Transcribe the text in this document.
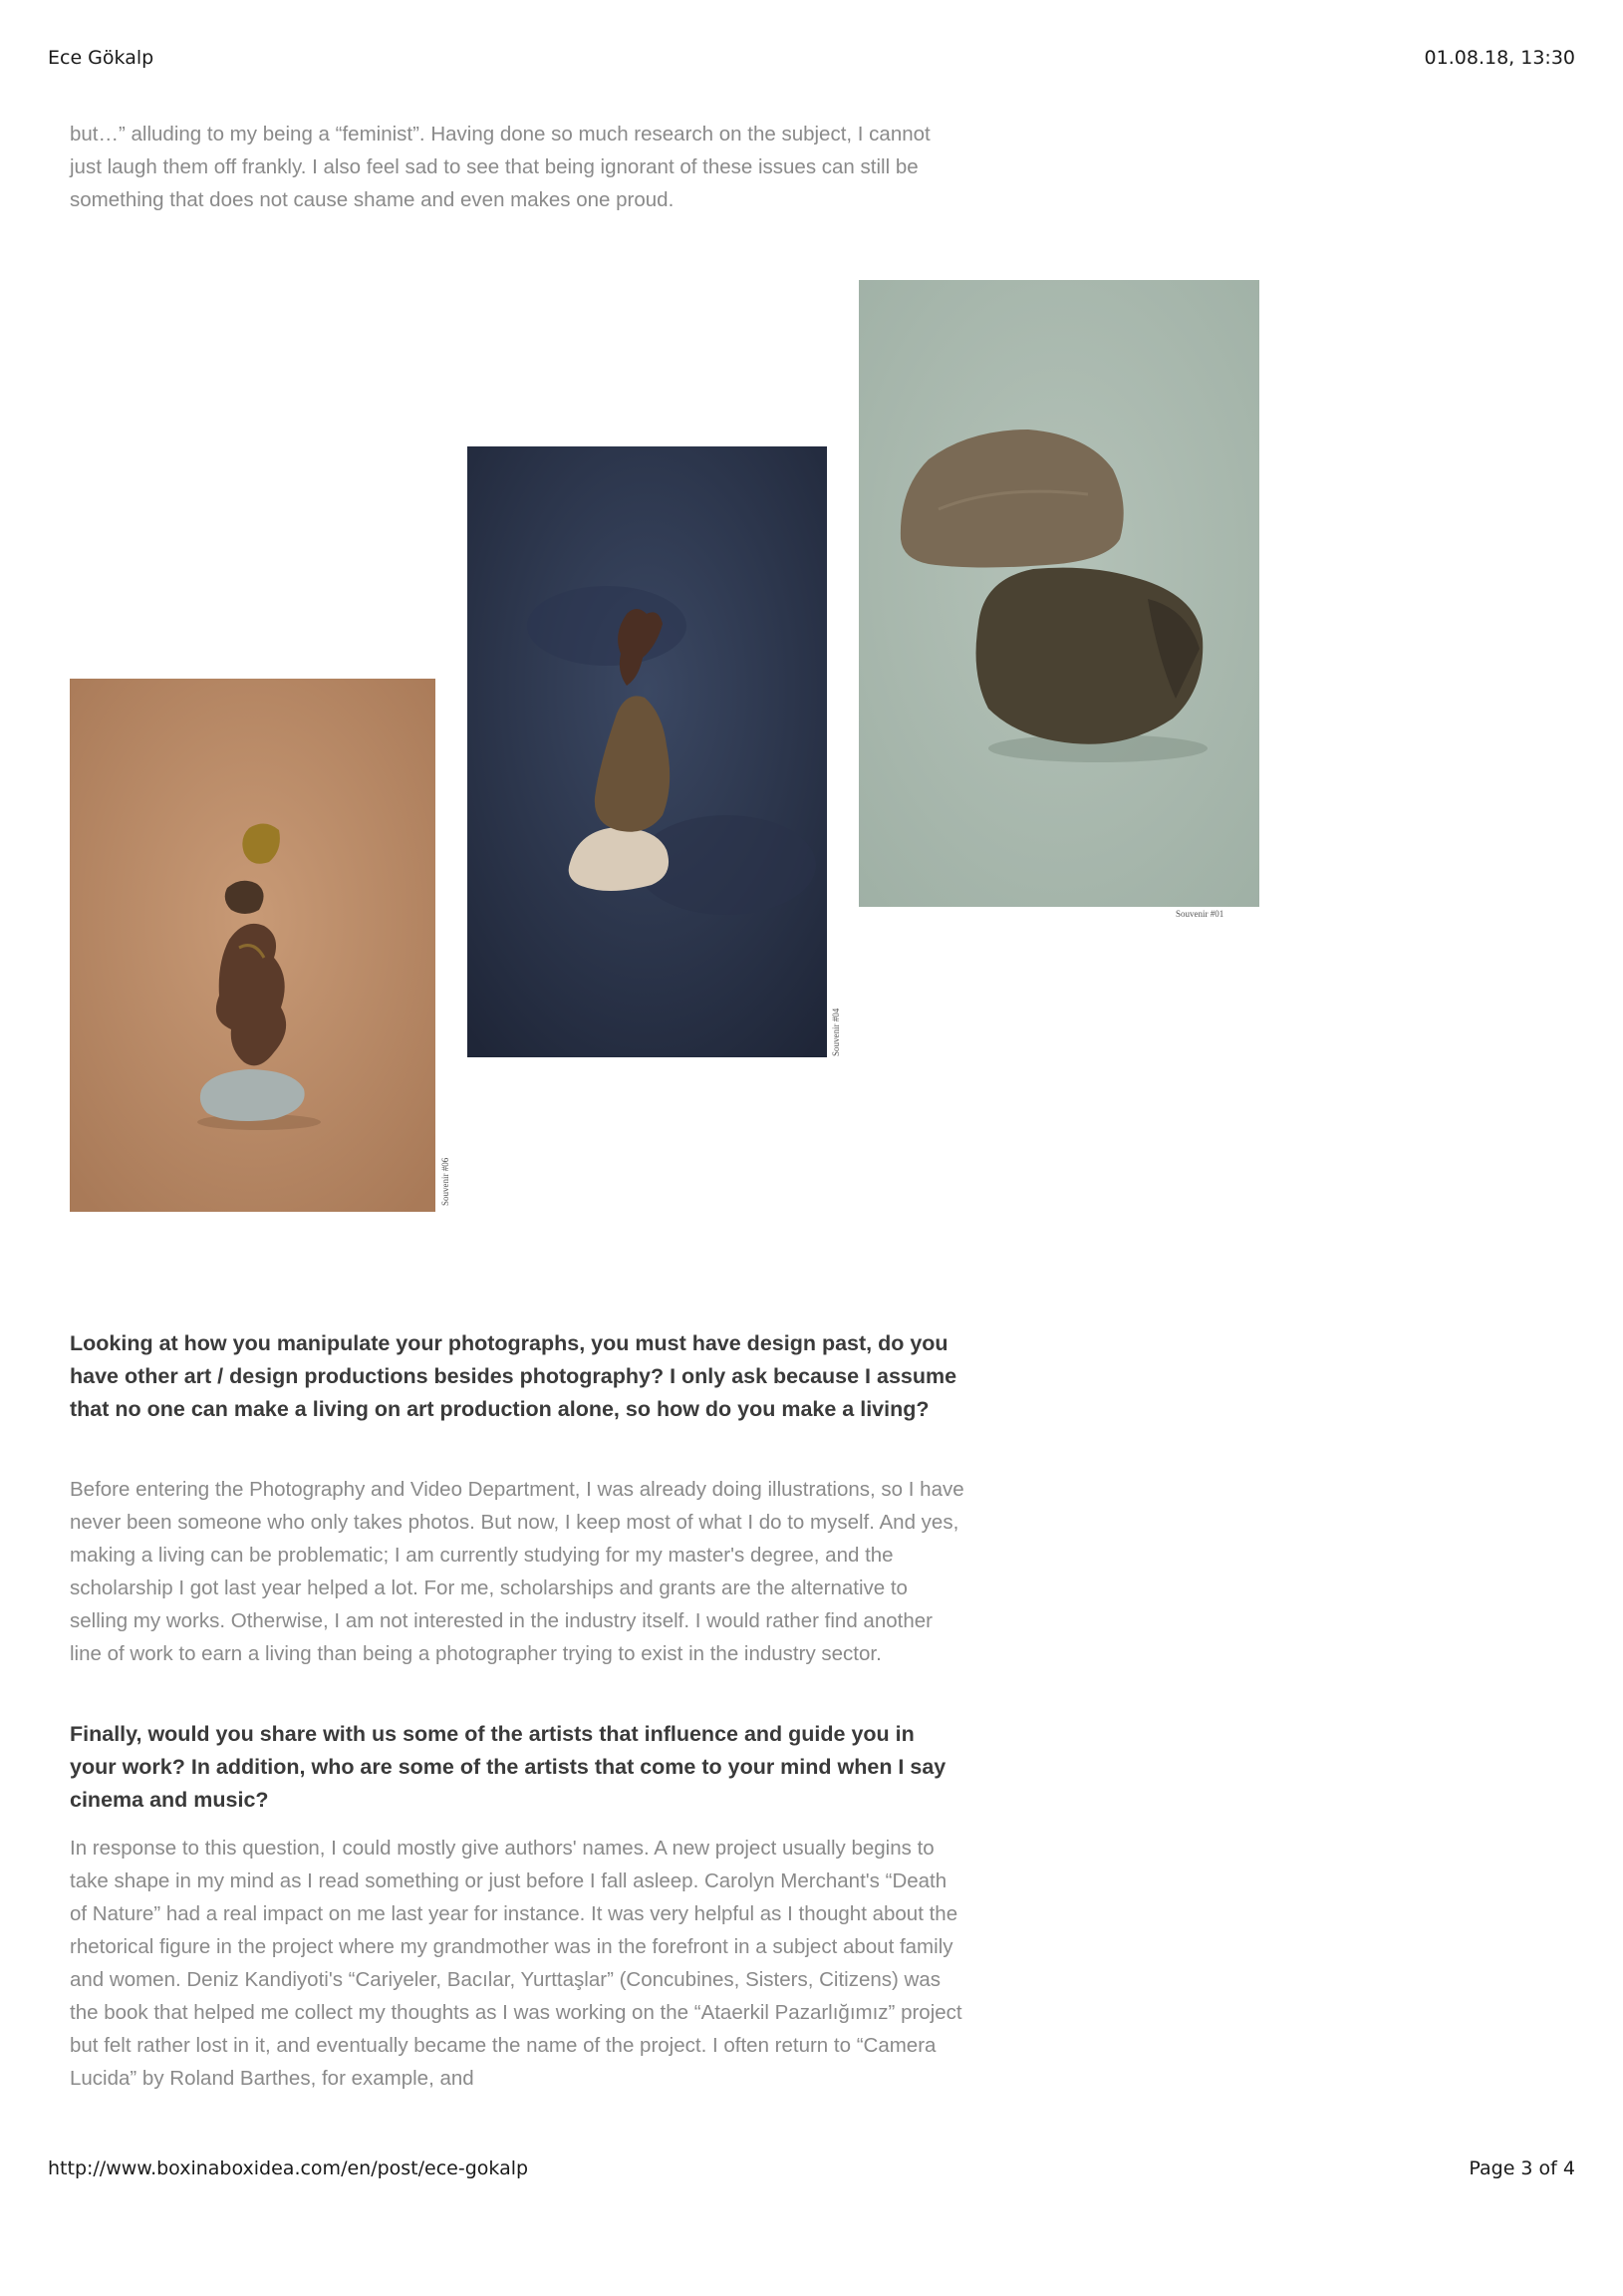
Ece Gökalp	01.08.18, 13:30

but…” alluding to my being a “feminist”. Having done so much research on the subject, I cannot just laugh them off frankly. I also feel sad to see that being ignorant of these issues can still be something that does not cause shame and even makes one proud.

Souvenir #06
Souvenir #04
Souvenir #01

Looking at how you manipulate your photographs, you must have design past, do you have other art / design productions besides photography? I only ask because I assume that no one can make a living on art production alone, so how do you make a living?

Before entering the Photography and Video Department, I was already doing illustrations, so I have never been someone who only takes photos. But now, I keep most of what I do to myself. And yes, making a living can be problematic; I am currently studying for my master's degree, and the scholarship I got last year helped a lot. For me, scholarships and grants are the alternative to selling my works. Otherwise, I am not interested in the industry itself. I would rather find another line of work to earn a living than being a photographer trying to exist in the industry sector.

Finally, would you share with us some of the artists that influence and guide you in your work? In addition, who are some of the artists that come to your mind when I say cinema and music?

In response to this question, I could mostly give authors' names. A new project usually begins to take shape in my mind as I read something or just before I fall asleep. Carolyn Merchant's “Death of Nature” had a real impact on me last year for instance. It was very helpful as I thought about the rhetorical figure in the project where my grandmother was in the forefront in a subject about family and women. Deniz Kandiyoti's “Cariyeler, Bacılar, Yurttaşlar” (Concubines, Sisters, Citizens) was the book that helped me collect my thoughts as I was working on the “Ataerkil Pazarlığımız” project but felt rather lost in it, and eventually became the name of the project. I often return to “Camera Lucida” by Roland Barthes, for example, and

http://www.boxinaboxidea.com/en/post/ece-gokalp	Page 3 of 4
